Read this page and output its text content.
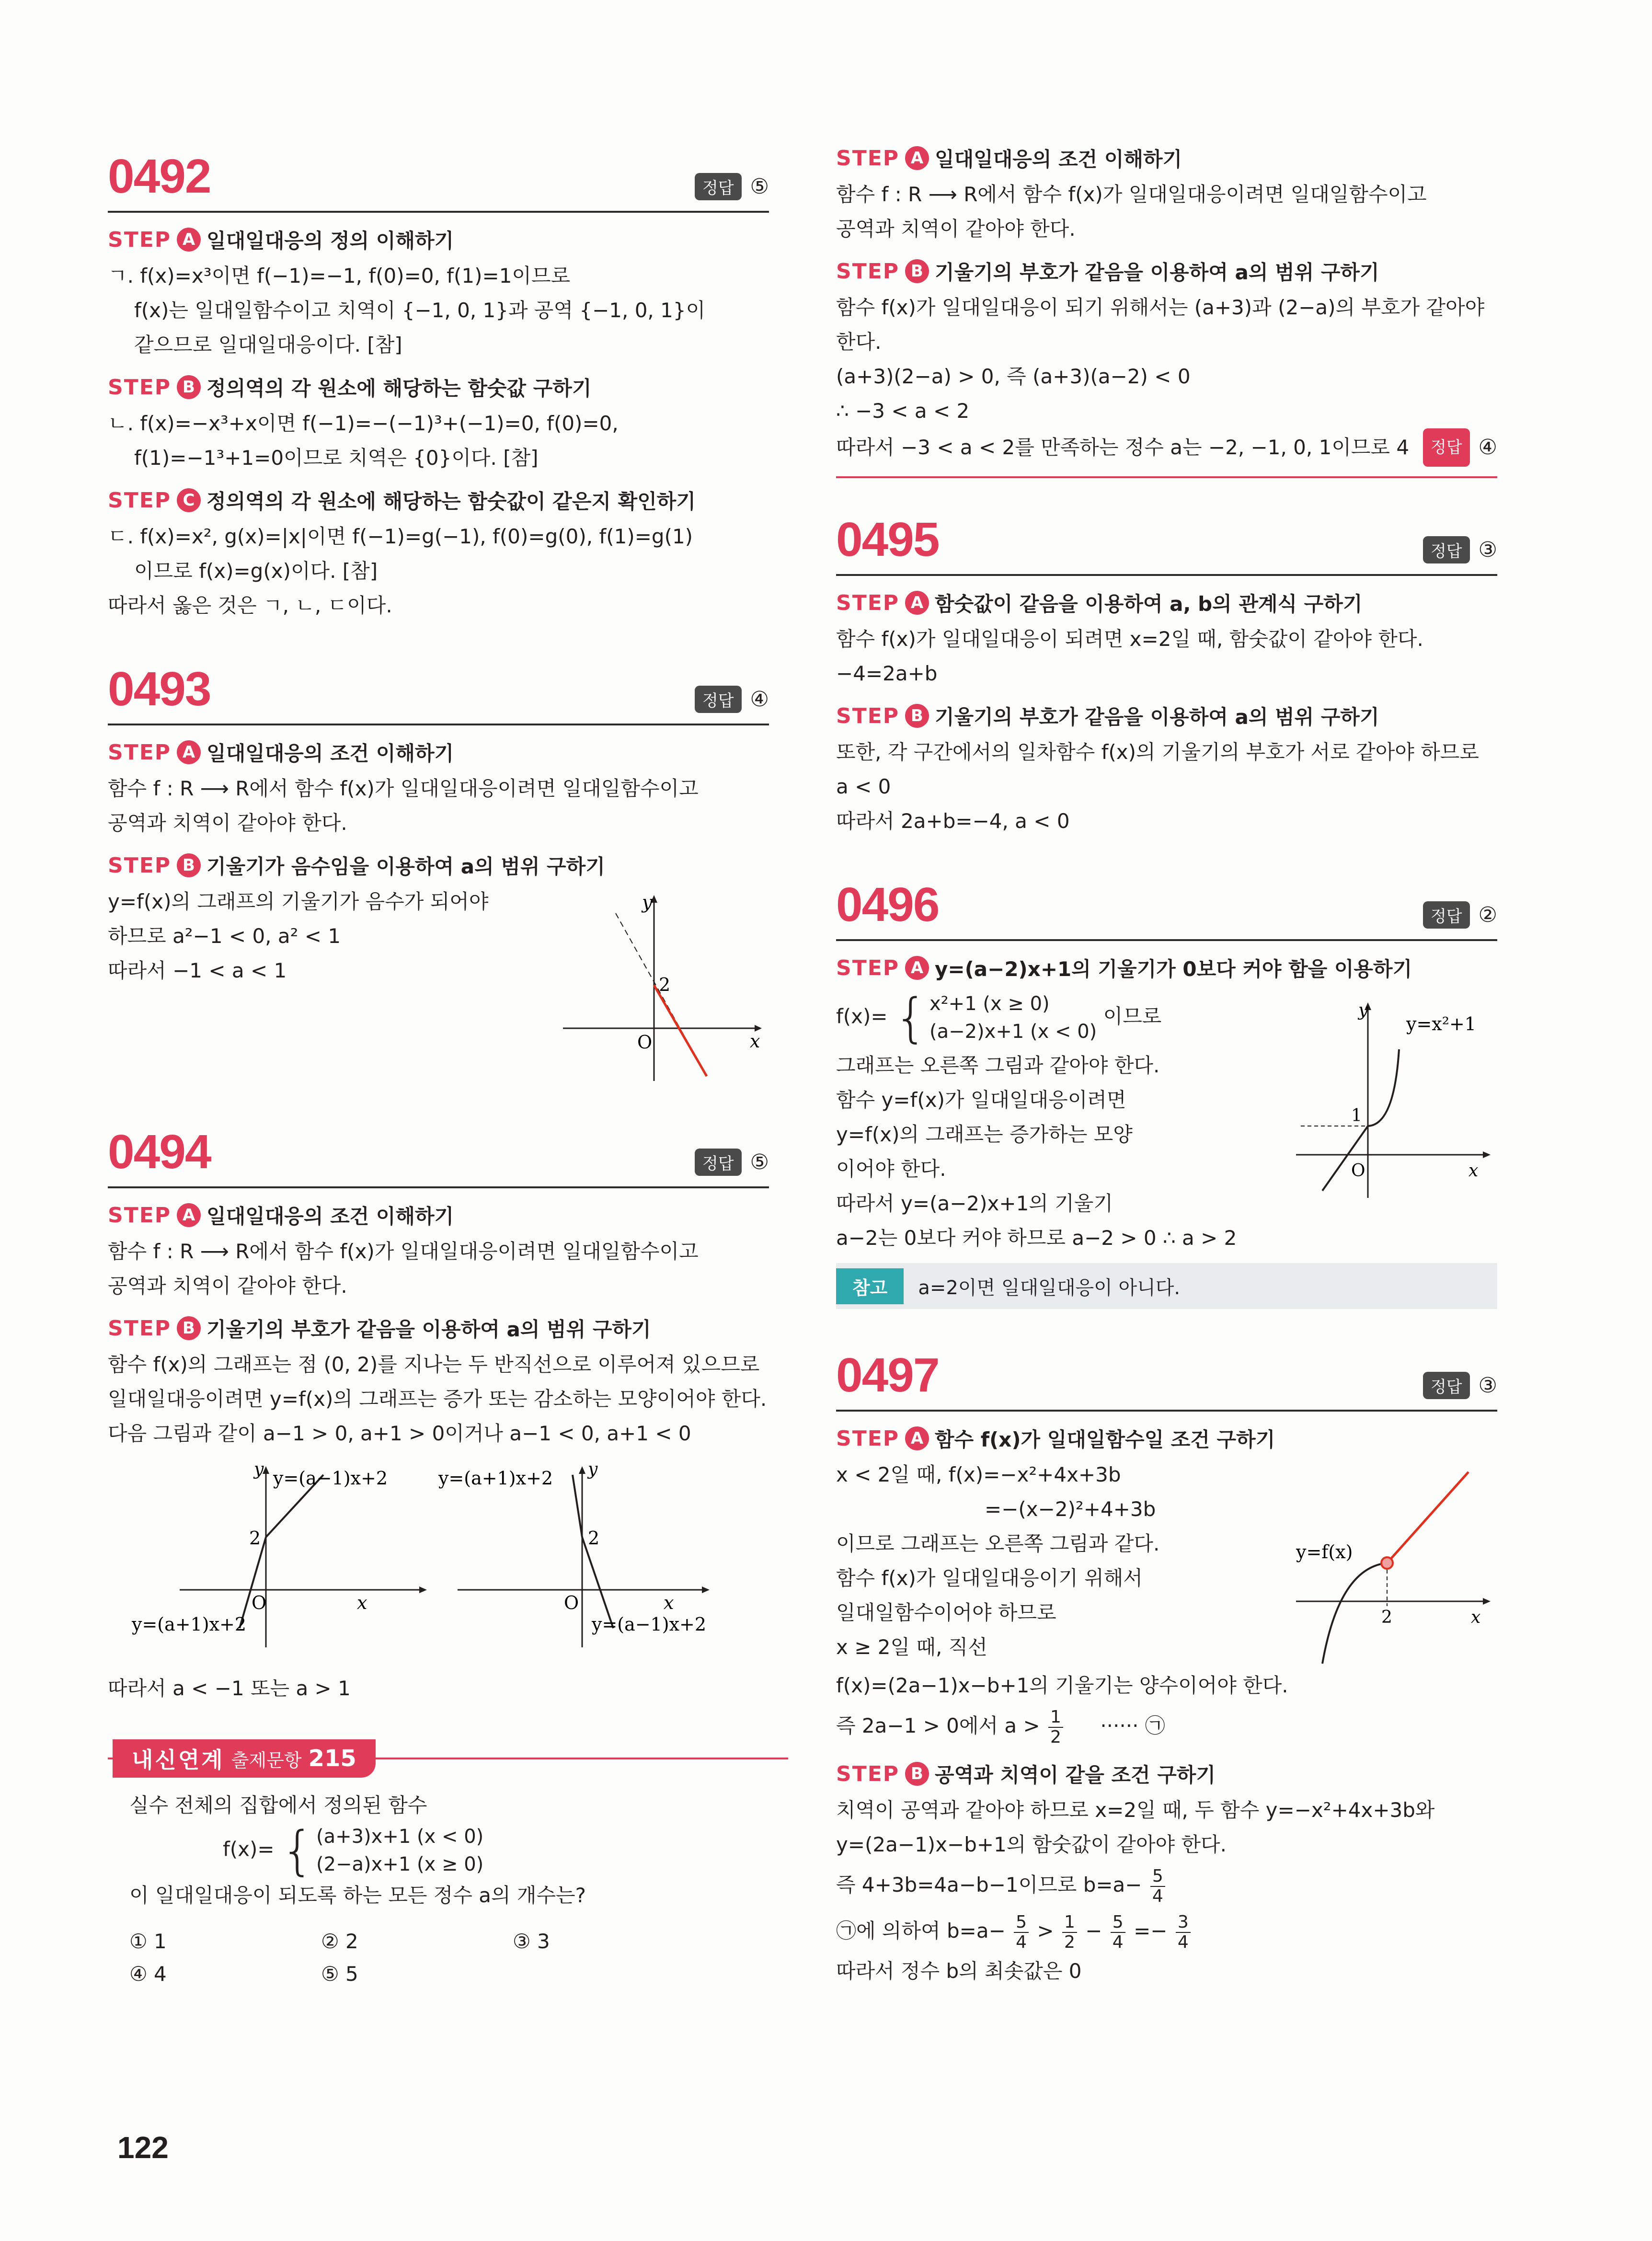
0492	정답 ⑤
STEP A 일대일대응의 정의 이해하기
ㄱ. f(x)=x³이면 f(−1)=−1, f(0)=0, f(1)=1이므로
f(x)는 일대일함수이고 치역이 {−1, 0, 1}과 공역 {−1, 0, 1}이
같으므로 일대일대응이다. [참]
STEP B 정의역의 각 원소에 해당하는 함숫값 구하기
ㄴ. f(x)=−x³+x이면 f(−1)=−(−1)³+(−1)=0, f(0)=0,
f(1)=−1³+1=0이므로 치역은 {0}이다. [참]
STEP C 정의역의 각 원소에 해당하는 함숫값이 같은지 확인하기
ㄷ. f(x)=x², g(x)=|x|이면 f(−1)=g(−1), f(0)=g(0), f(1)=g(1)
이므로 f(x)=g(x)이다. [참]
따라서 옳은 것은 ㄱ, ㄴ, ㄷ이다.
0493	정답 ④
STEP A 일대일대응의 조건 이해하기
함수 f : R ⟶ R에서 함수 f(x)가 일대일대응이려면 일대일함수이고
공역과 치역이 같아야 한다.
STEP B 기울기가 음수임을 이용하여 a의 범위 구하기
y=f(x)의 그래프의 기울기가 음수가 되어야
하므로 a²−1 < 0, a² < 1
따라서 −1 < a < 1
y
2
O	x
0494	정답 ⑤
STEP A 일대일대응의 조건 이해하기
함수 f : R ⟶ R에서 함수 f(x)가 일대일대응이려면 일대일함수이고
공역과 치역이 같아야 한다.
STEP B 기울기의 부호가 같음을 이용하여 a의 범위 구하기
함수 f(x)의 그래프는 점 (0, 2)를 지나는 두 반직선으로 이루어져 있으므로
일대일대응이려면 y=f(x)의 그래프는 증가 또는 감소하는 모양이어야 한다.
다음 그림과 같이 a−1 > 0, a+1 > 0이거나 a−1 < 0, a+1 < 0
y y=(a−1)x+2
2
O	x
y=(a+1)x+2
y=(a+1)x+2 y
2
O	x
y=(a−1)x+2
따라서 a < −1 또는 a > 1
내신연계 출제문항 215
실수 전체의 집합에서 정의된 함수
f(x)= { (a+3)x+1 (x < 0)
(2−a)x+1 (x ≥ 0)
이 일대일대응이 되도록 하는 모든 정수 a의 개수는?
① 1	② 2	③ 3
④ 4	⑤ 5
STEP A 일대일대응의 조건 이해하기
함수 f : R ⟶ R에서 함수 f(x)가 일대일대응이려면 일대일함수이고
공역과 치역이 같아야 한다.
STEP B 기울기의 부호가 같음을 이용하여 a의 범위 구하기
함수 f(x)가 일대일대응이 되기 위해서는 (a+3)과 (2−a)의 부호가 같아야
한다.
(a+3)(2−a) > 0, 즉 (a+3)(a−2) < 0
∴ −3 < a < 2
따라서 −3 < a < 2를 만족하는 정수 a는 −2, −1, 0, 1이므로 4	정답 ④
0495	정답 ③
STEP A 함숫값이 같음을 이용하여 a, b의 관계식 구하기
함수 f(x)가 일대일대응이 되려면 x=2일 때, 함숫값이 같아야 한다.
−4=2a+b
STEP B 기울기의 부호가 같음을 이용하여 a의 범위 구하기
또한, 각 구간에서의 일차함수 f(x)의 기울기의 부호가 서로 같아야 하므로
a < 0
따라서 2a+b=−4, a < 0
0496	정답 ②
STEP A y=(a−2)x+1의 기울기가 0보다 커야 함을 이용하기
f(x)= { x²+1 (x ≥ 0)
(a−2)x+1 (x < 0)
이므로
그래프는 오른쪽 그림과 같아야 한다.
함수 y=f(x)가 일대일대응이려면
y=f(x)의 그래프는 증가하는 모양
이어야 한다.
따라서 y=(a−2)x+1의 기울기
a−2는 0보다 커야 하므로 a−2 > 0 ∴ a > 2
y
y=x²+1
1
O	x
참고	a=2이면 일대일대응이 아니다.
0497	정답 ③
STEP A 함수 f(x)가 일대일함수일 조건 구하기
x < 2일 때, f(x)=−x²+4x+3b
=−(x−2)²+4+3b
이므로 그래프는 오른쪽 그림과 같다.
함수 f(x)가 일대일대응이기 위해서
일대일함수이어야 하므로
x ≥ 2일 때, 직선
y=f(x)
2	x
f(x)=(2a−1)x−b+1의 기울기는 양수이어야 한다.
즉 2a−1 > 0에서 $a > \frac{1}{2}$ ······ ㉠
STEP B 공역과 치역이 같을 조건 구하기
치역이 공역과 같아야 하므로 x=2일 때, 두 함수 y=−x²+4x+3b와
y=(2a−1)x−b+1의 함숫값이 같아야 한다.
즉 4+3b=4a−b−1이므로 $b=a- \frac{5}{4}$
㉠에 의하여 $b=a- \frac{5}{4} > \frac{1}{2} - \frac{5}{4} =- \frac{3}{4}$
따라서 정수 b의 최솟값은 0
122
